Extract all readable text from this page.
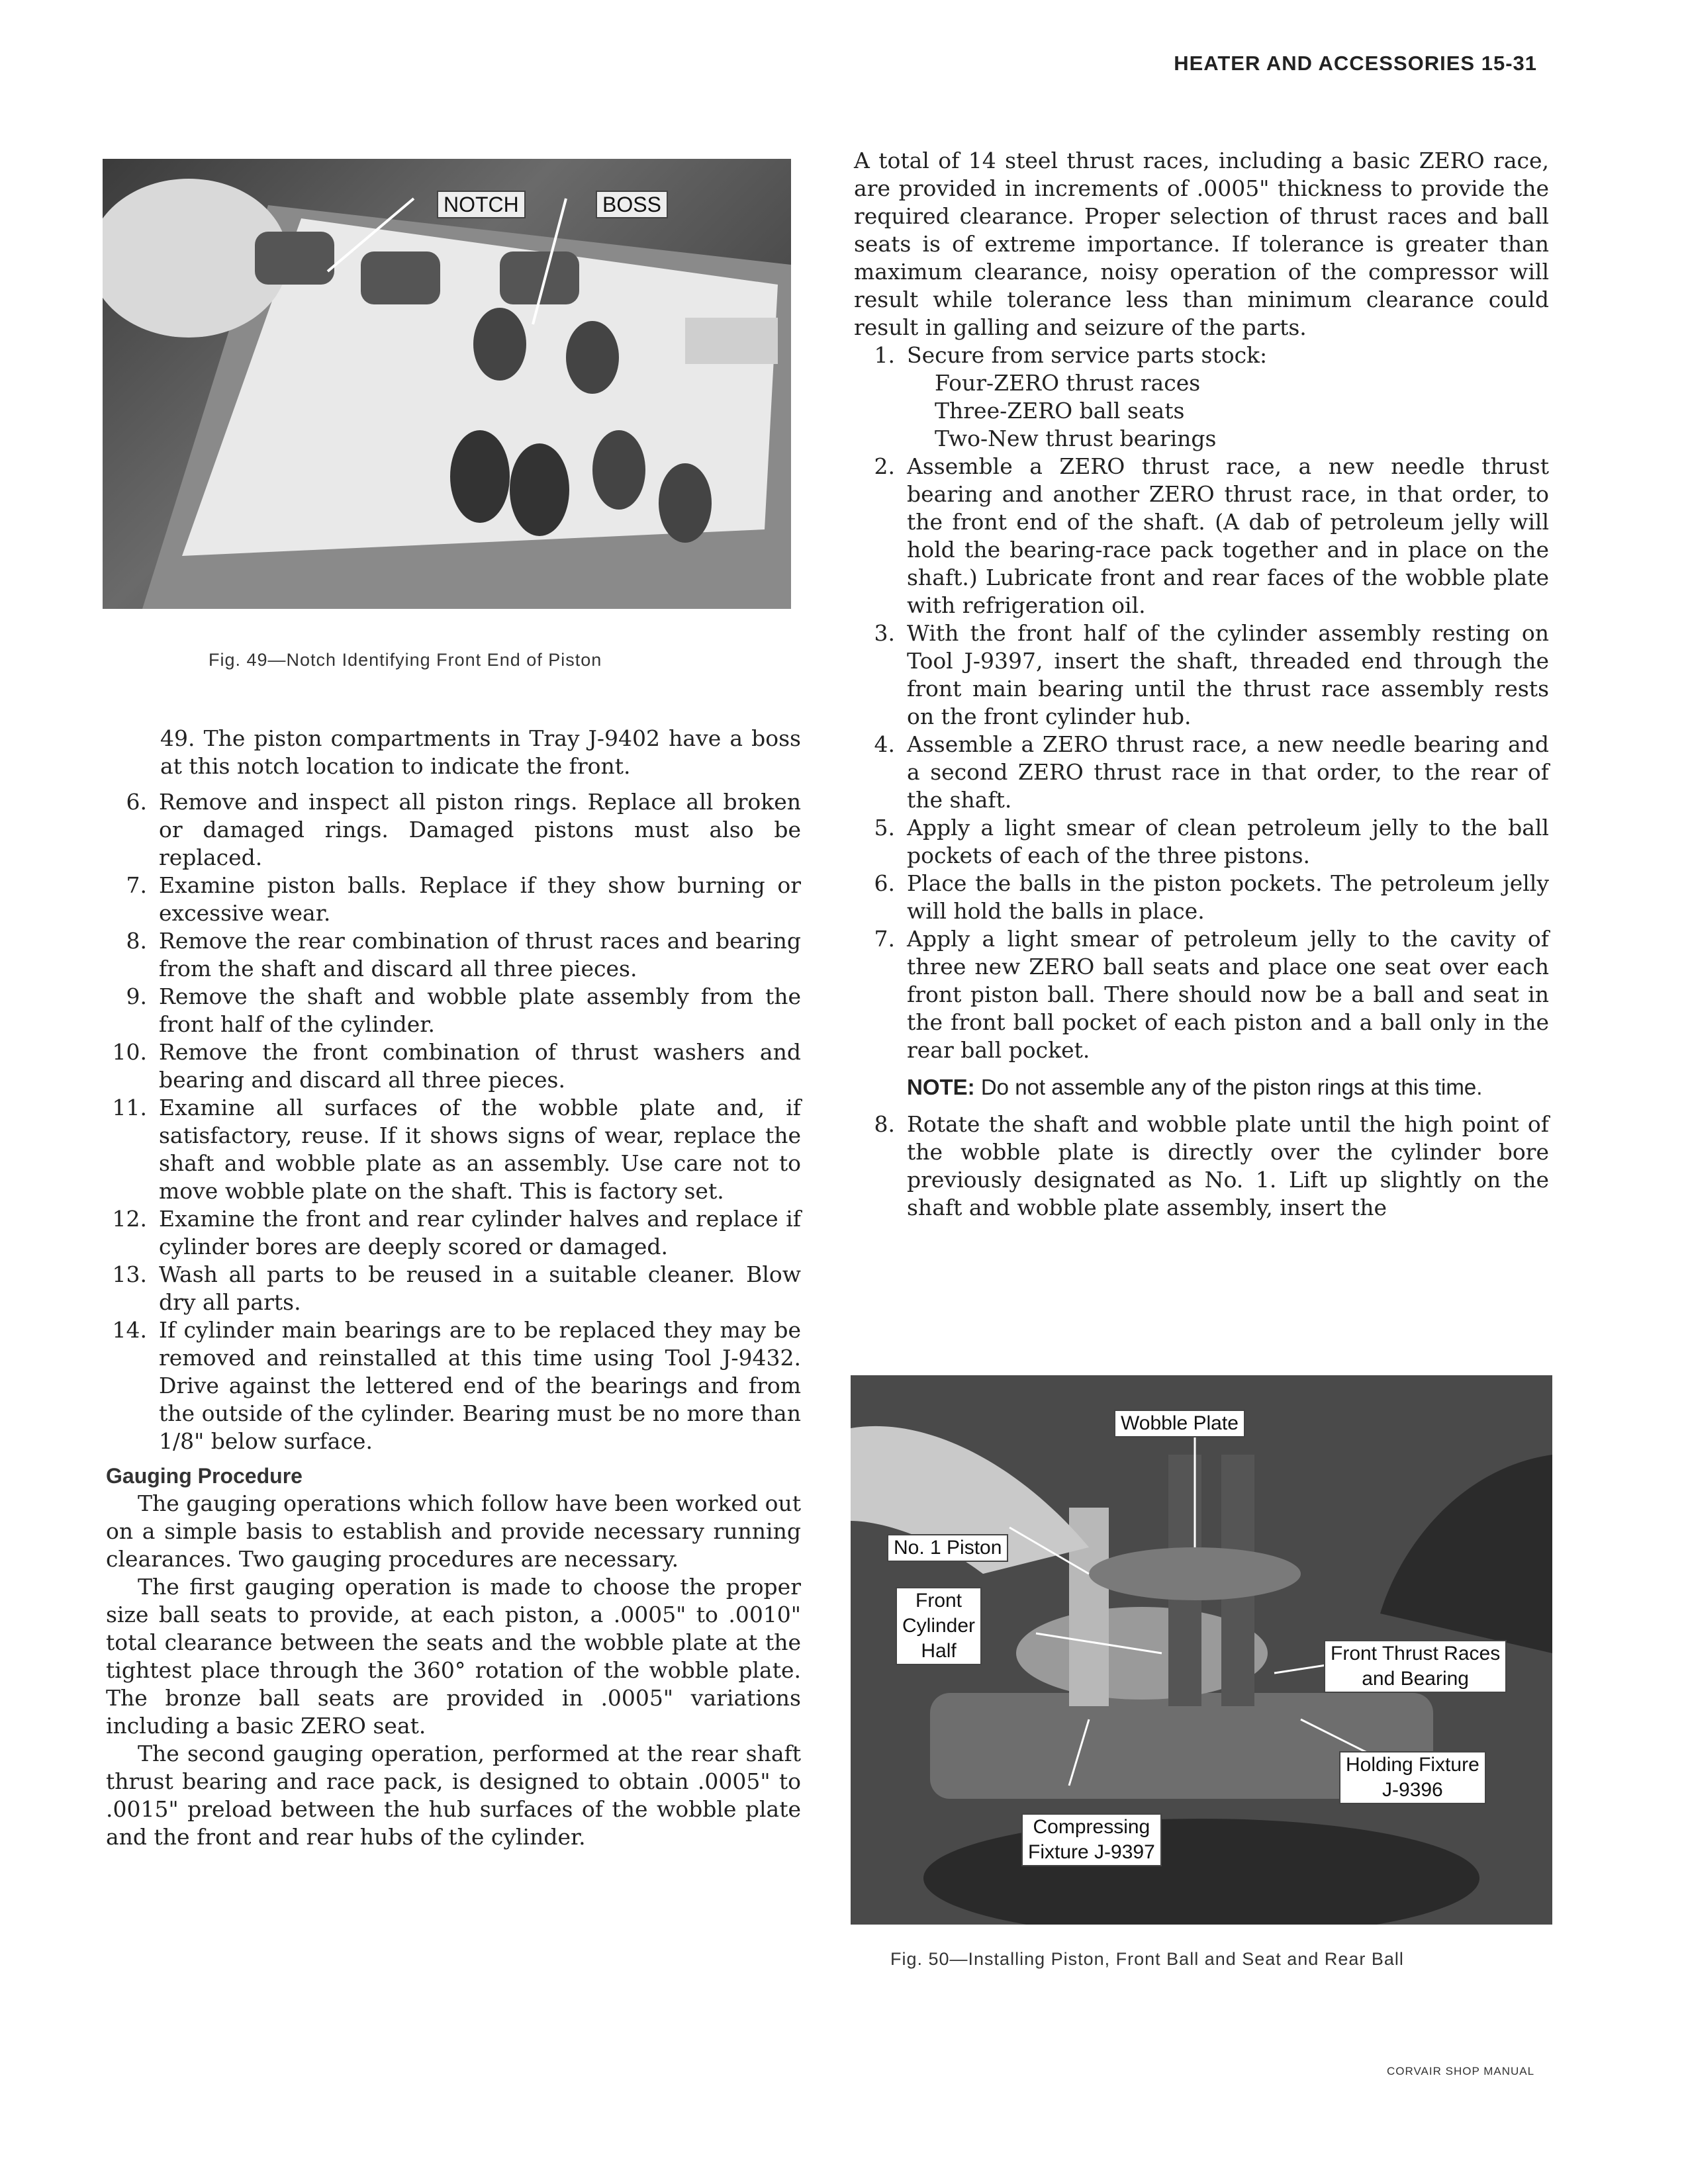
HEATER AND ACCESSORIES 15-31
NOTCH	BOSS
Fig. 49—Notch Identifying Front End of Piston

49. The piston compartments in Tray J-9402 have a boss at this notch location to indicate the front.

6. Remove and inspect all piston rings. Replace all broken or damaged rings. Damaged pistons must also be replaced.
7. Examine piston balls. Replace if they show burning or excessive wear.
8. Remove the rear combination of thrust races and bearing from the shaft and discard all three pieces.
9. Remove the shaft and wobble plate assembly from the front half of the cylinder.
10. Remove the front combination of thrust washers and bearing and discard all three pieces.
11. Examine all surfaces of the wobble plate and, if satisfactory, reuse. If it shows signs of wear, replace the shaft and wobble plate as an assembly. Use care not to move wobble plate on the shaft. This is factory set.
12. Examine the front and rear cylinder halves and replace if cylinder bores are deeply scored or damaged.
13. Wash all parts to be reused in a suitable cleaner. Blow dry all parts.
14. If cylinder main bearings are to be replaced they may be removed and reinstalled at this time using Tool J-9432. Drive against the lettered end of the bearings and from the outside of the cylinder. Bearing must be no more than 1/8" below surface.
Gauging Procedure

The gauging operations which follow have been worked out on a simple basis to establish and provide necessary running clearances. Two gauging procedures are necessary.

The first gauging operation is made to choose the proper size ball seats to provide, at each piston, a .0005" to .0010" total clearance between the seats and the wobble plate at the tightest place through the 360° rotation of the wobble plate. The bronze ball seats are provided in .0005" variations including a basic ZERO seat.

The second gauging operation, performed at the rear shaft thrust bearing and race pack, is designed to obtain .0005" to .0015" preload between the hub surfaces of the wobble plate and the front and rear hubs of the cylinder.

A total of 14 steel thrust races, including a basic ZERO race, are provided in increments of .0005" thickness to provide the required clearance. Proper selection of thrust races and ball seats is of extreme importance. If tolerance is greater than maximum clearance, noisy operation of the compressor will result while tolerance less than minimum clearance could result in galling and seizure of the parts.

1. Secure from service parts stock:
Four-ZERO thrust races
Three-ZERO ball seats
Two-New thrust bearings
2. Assemble a ZERO thrust race, a new needle thrust bearing and another ZERO thrust race, in that order, to the front end of the shaft. (A dab of petroleum jelly will hold the bearing-race pack together and in place on the shaft.) Lubricate front and rear faces of the wobble plate with refrigeration oil.
3. With the front half of the cylinder assembly resting on Tool J-9397, insert the shaft, threaded end through the front main bearing until the thrust race assembly rests on the front cylinder hub.
4. Assemble a ZERO thrust race, a new needle bearing and a second ZERO thrust race in that order, to the rear of the shaft.
5. Apply a light smear of clean petroleum jelly to the ball pockets of each of the three pistons.
6. Place the balls in the piston pockets. The petroleum jelly will hold the balls in place.
7. Apply a light smear of petroleum jelly to the cavity of three new ZERO ball seats and place one seat over each front piston ball. There should now be a ball and seat in the front ball pocket of each piston and a ball only in the rear ball pocket.
NOTE: Do not assemble any of the piston rings at this time.
8. Rotate the shaft and wobble plate until the high point of the wobble plate is directly over the cylinder bore previously designated as No. 1. Lift up slightly on the shaft and wobble plate assembly, insert the
Wobble Plate
No. 1 Piston
Front
Cylinder
Half	Front Thrust Races
and Bearing
Holding Fixture
J-9396
Compressing
Fixture J-9397
Fig. 50—Installing Piston, Front Ball and Seat and Rear Ball
CORVAIR SHOP MANUAL
